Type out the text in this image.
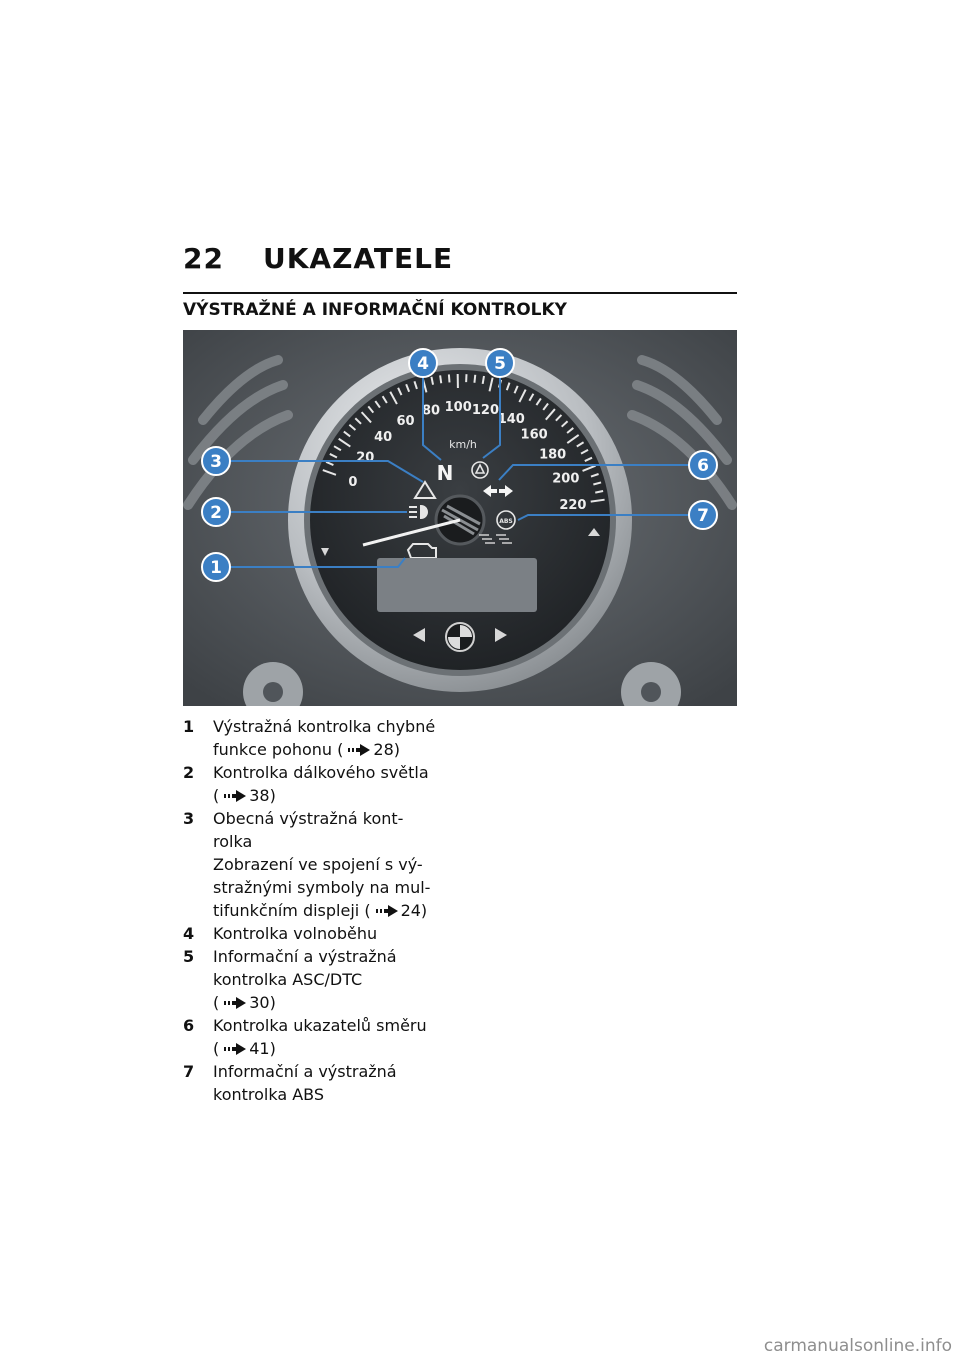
22 UKAZATELE
VÝSTRAŽNÉ A INFORMAČNÍ KONTROLKY
0
20
40
60
80 100 120
140
160
180
200
220
km/h
N
ABS
1
2
3
4	5
6
7
1	Výstražná kontrolka chybné
funkce pohonu ( 28)
2	Kontrolka dálkového světla
( 38)
3	Obecná výstražná kont-
rolka
Zobrazení ve spojení s vý-
stražnými symboly na mul-
tifunkčním displeji ( 24)
4	Kontrolka volnoběhu
5	Informační a výstražná
kontrolka ASC/DTC
( 30)
6	Kontrolka ukazatelů směru
( 41)
7	Informační a výstražná
kontrolka ABS
carmanualsonline.info
